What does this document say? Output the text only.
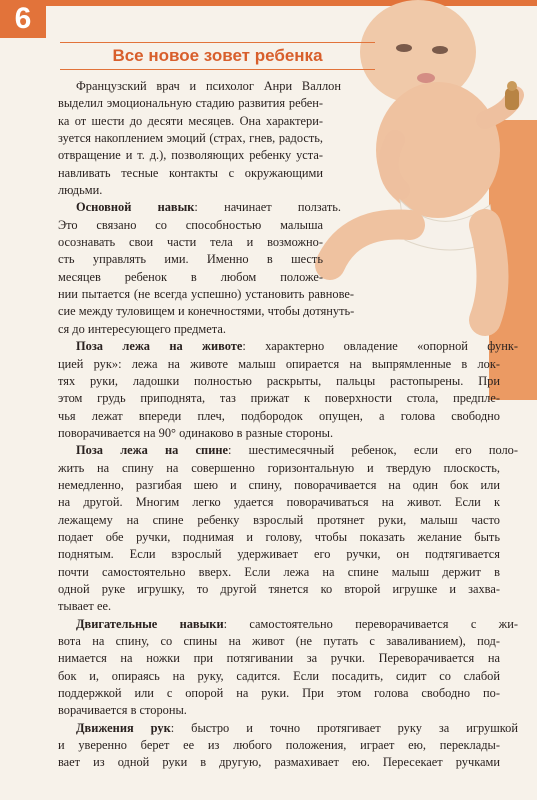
6
Все новое зовет ребенка
Французский врач и психолог Анри Валлон
выделил эмоциональную стадию развития ребен-
ка от шести до десяти месяцев. Она характери-
зуется накоплением эмоций (страх, гнев, радость,
отвращение и т. д.), позволяющих ребенку уста-
навливать тесные контакты с окружающими
людьми.
Основной навык: начинает ползать.
Это связано со способностью малыша
осознавать свои части тела и возможно-
сть управлять ими. Именно в шесть
месяцев ребенок в любом положе-
нии пытается (не всегда успешно) установить равнове-
сие между туловищем и конечностями, чтобы дотянуть-
ся до интересующего предмета.
Поза лежа на животе: характерно овладение «опорной функ-
цией рук»: лежа на животе малыш опирается на выпрямленные в лок-
тях руки, ладошки полностью раскрыты, пальцы растопырены. При
этом грудь приподнята, таз прижат к поверхности стола, предпле-
чья лежат впереди плеч, подбородок опущен, а голова свободно
поворачивается на 90° одинаково в разные стороны.
Поза лежа на спине: шестимесячный ребенок, если его поло-
жить на спину на совершенно горизонтальную и твердую плоскость,
немедленно, разгибая шею и спину, поворачивается на один бок или
на другой. Многим легко удается поворачиваться на живот. Если к
лежащему на спине ребенку взрослый протянет руки, малыш часто
подает обе ручки, поднимая и голову, чтобы показать желание быть
поднятым. Если взрослый удерживает его ручки, он подтягивается
почти самостоятельно вверх. Если лежа на спине малыш держит в
одной руке игрушку, то другой тянется ко второй игрушке и захва-
тывает ее.
Двигательные навыки: самостоятельно переворачивается с жи-
вота на спину, со спины на живот (не путать с заваливанием), под-
нимается на ножки при потягивании за ручки. Переворачивается на
бок и, опираясь на руку, садится. Если посадить, сидит со слабой
поддержкой или с опорой на руки. При этом голова свободно по-
ворачивается в стороны.
Движения рук: быстро и точно протягивает руку за игрушкой
и уверенно берет ее из любого положения, играет ею, переклады-
вает из одной руки в другую, размахивает ею. Пересекает ручками
